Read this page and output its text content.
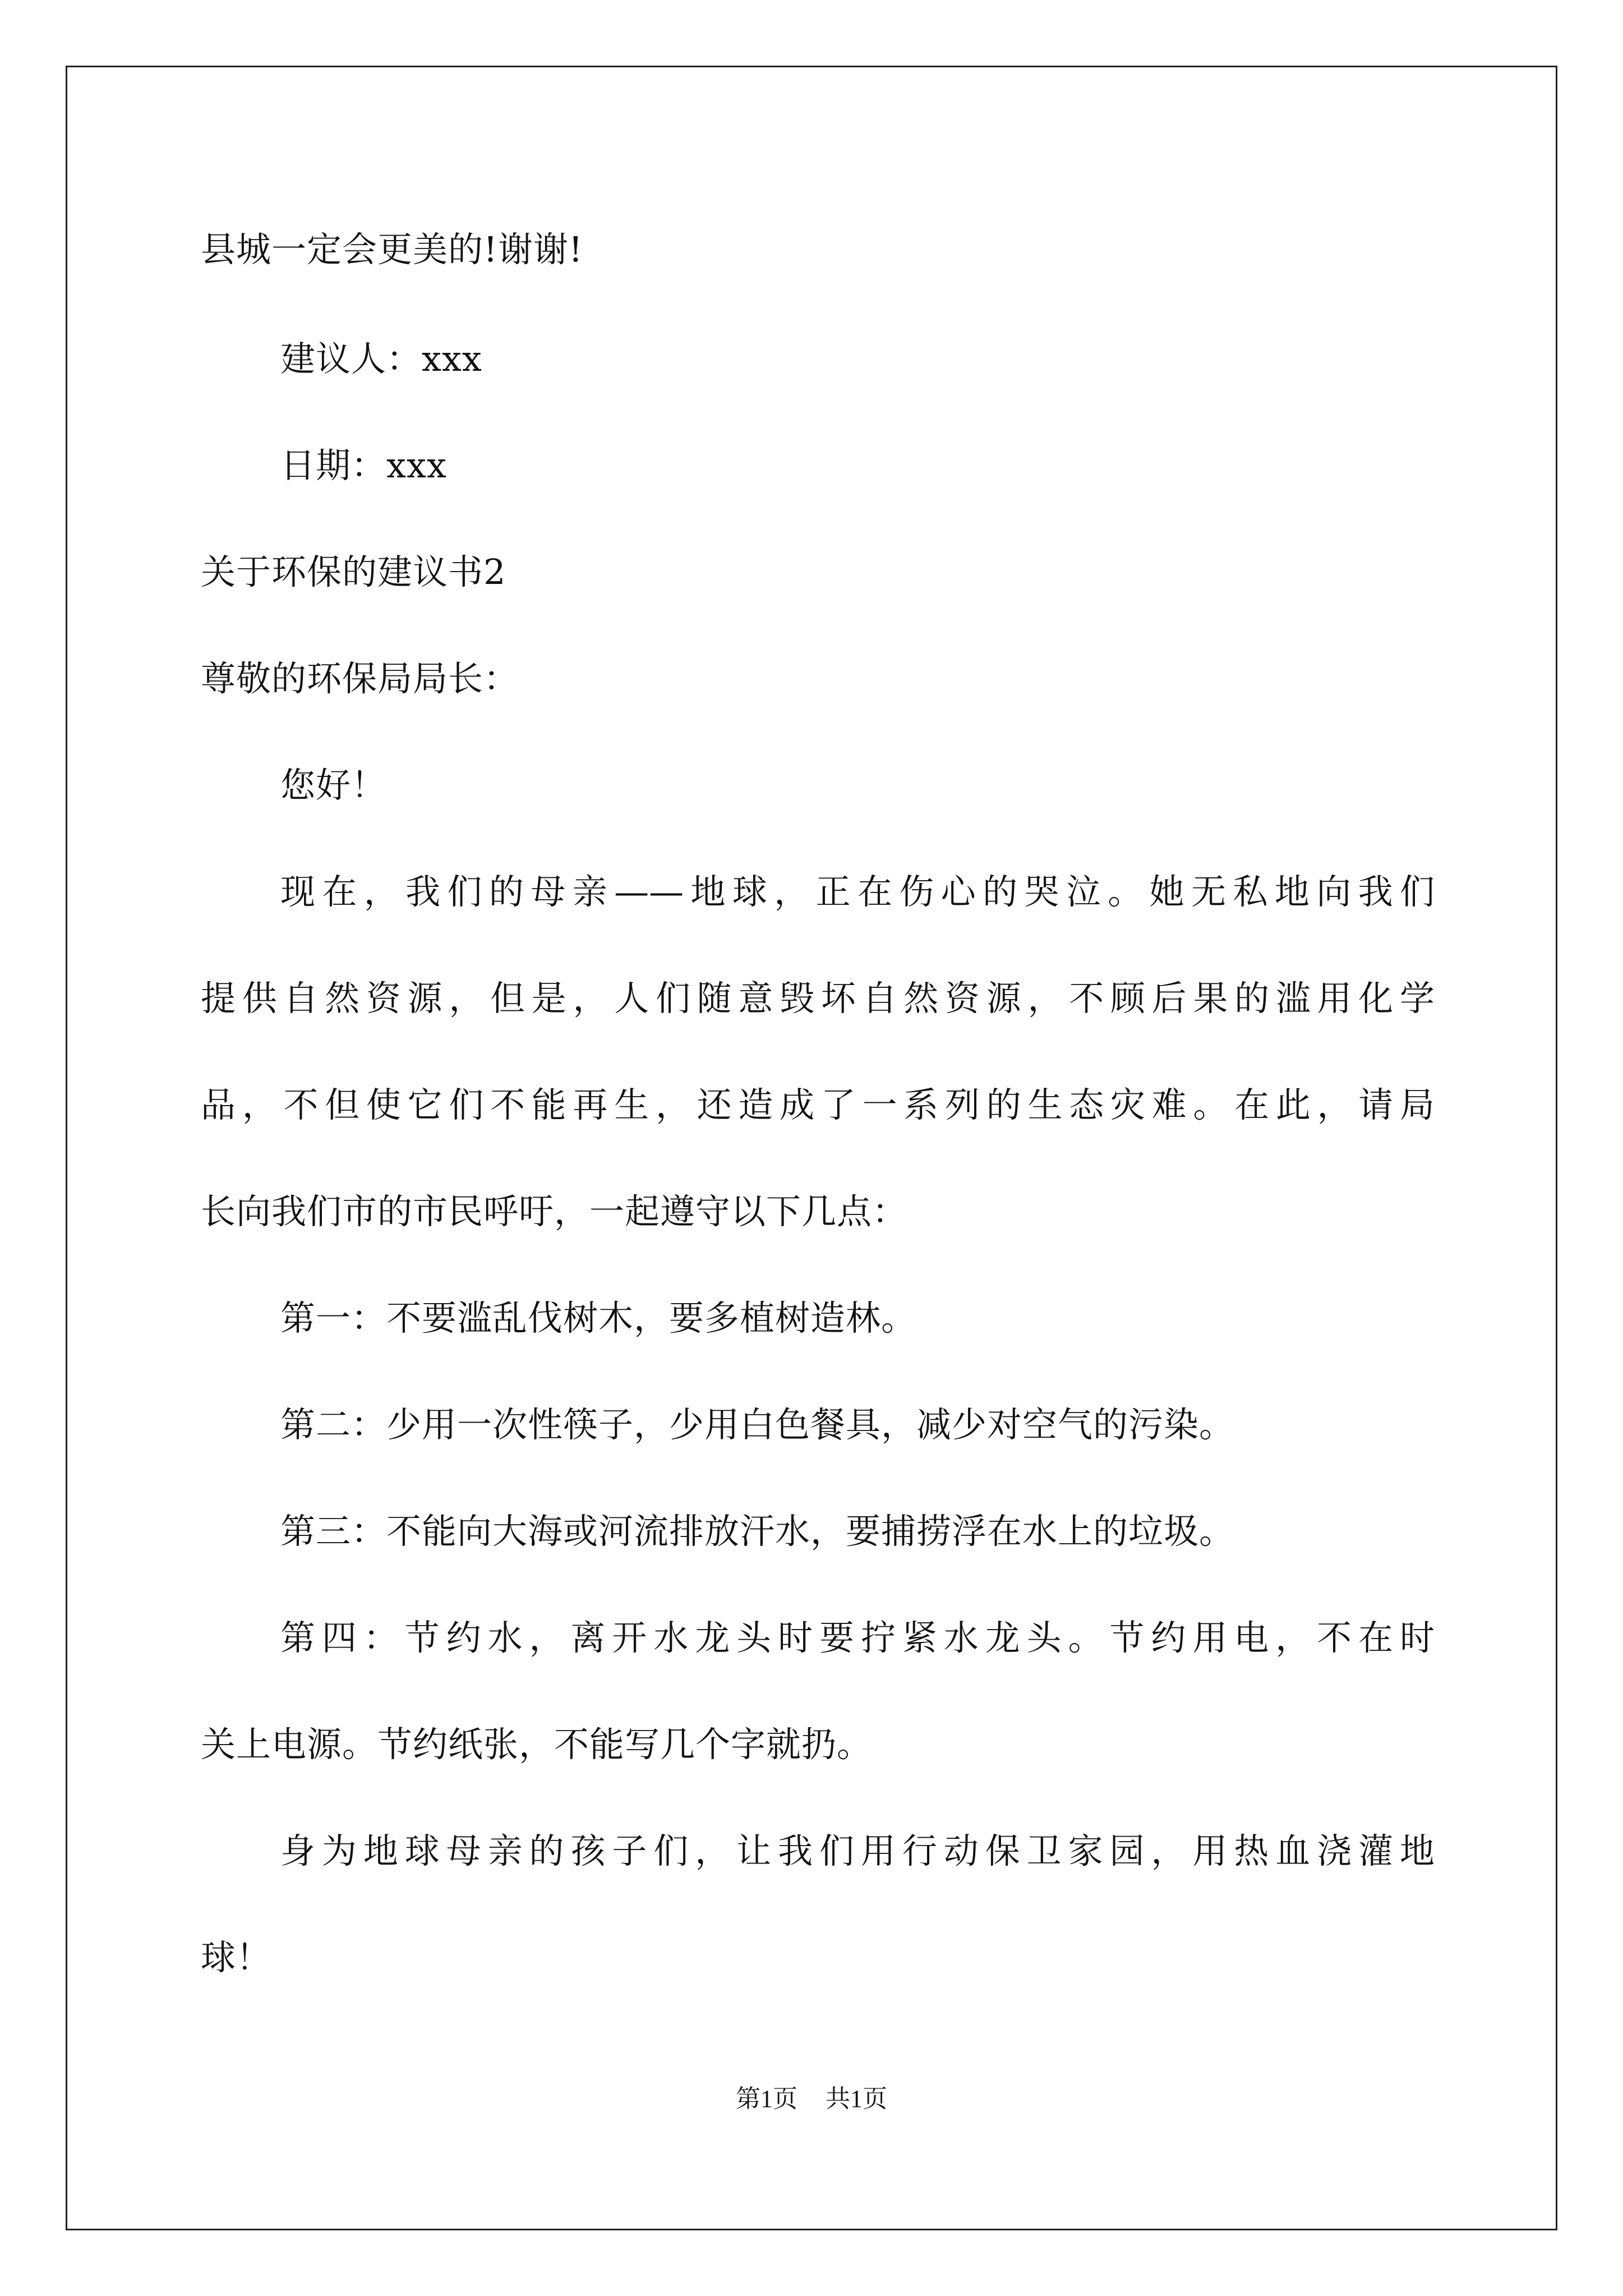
县城一定会更美的!谢谢!
建议人：xxx
日期：xxx
关于环保的建议书2
尊敬的环保局局长：
您好！
现在，我们的母亲——地球，正在伤心的哭泣。她无私地向我们
提供自然资源，但是，人们随意毁坏自然资源，不顾后果的滥用化学
品，不但使它们不能再生，还造成了一系列的生态灾难。在此，请局
长向我们市的市民呼吁，一起遵守以下几点：
第一：不要滥乱伐树木，要多植树造林。
第二：少用一次性筷子，少用白色餐具，减少对空气的污染。
第三：不能向大海或河流排放汗水，要捕捞浮在水上的垃圾。
第四：节约水，离开水龙头时要拧紧水龙头。节约用电，不在时
关上电源。节约纸张，不能写几个字就扔。
身为地球母亲的孩子们，让我们用行动保卫家园，用热血浇灌地
球！
第1页 共1页
